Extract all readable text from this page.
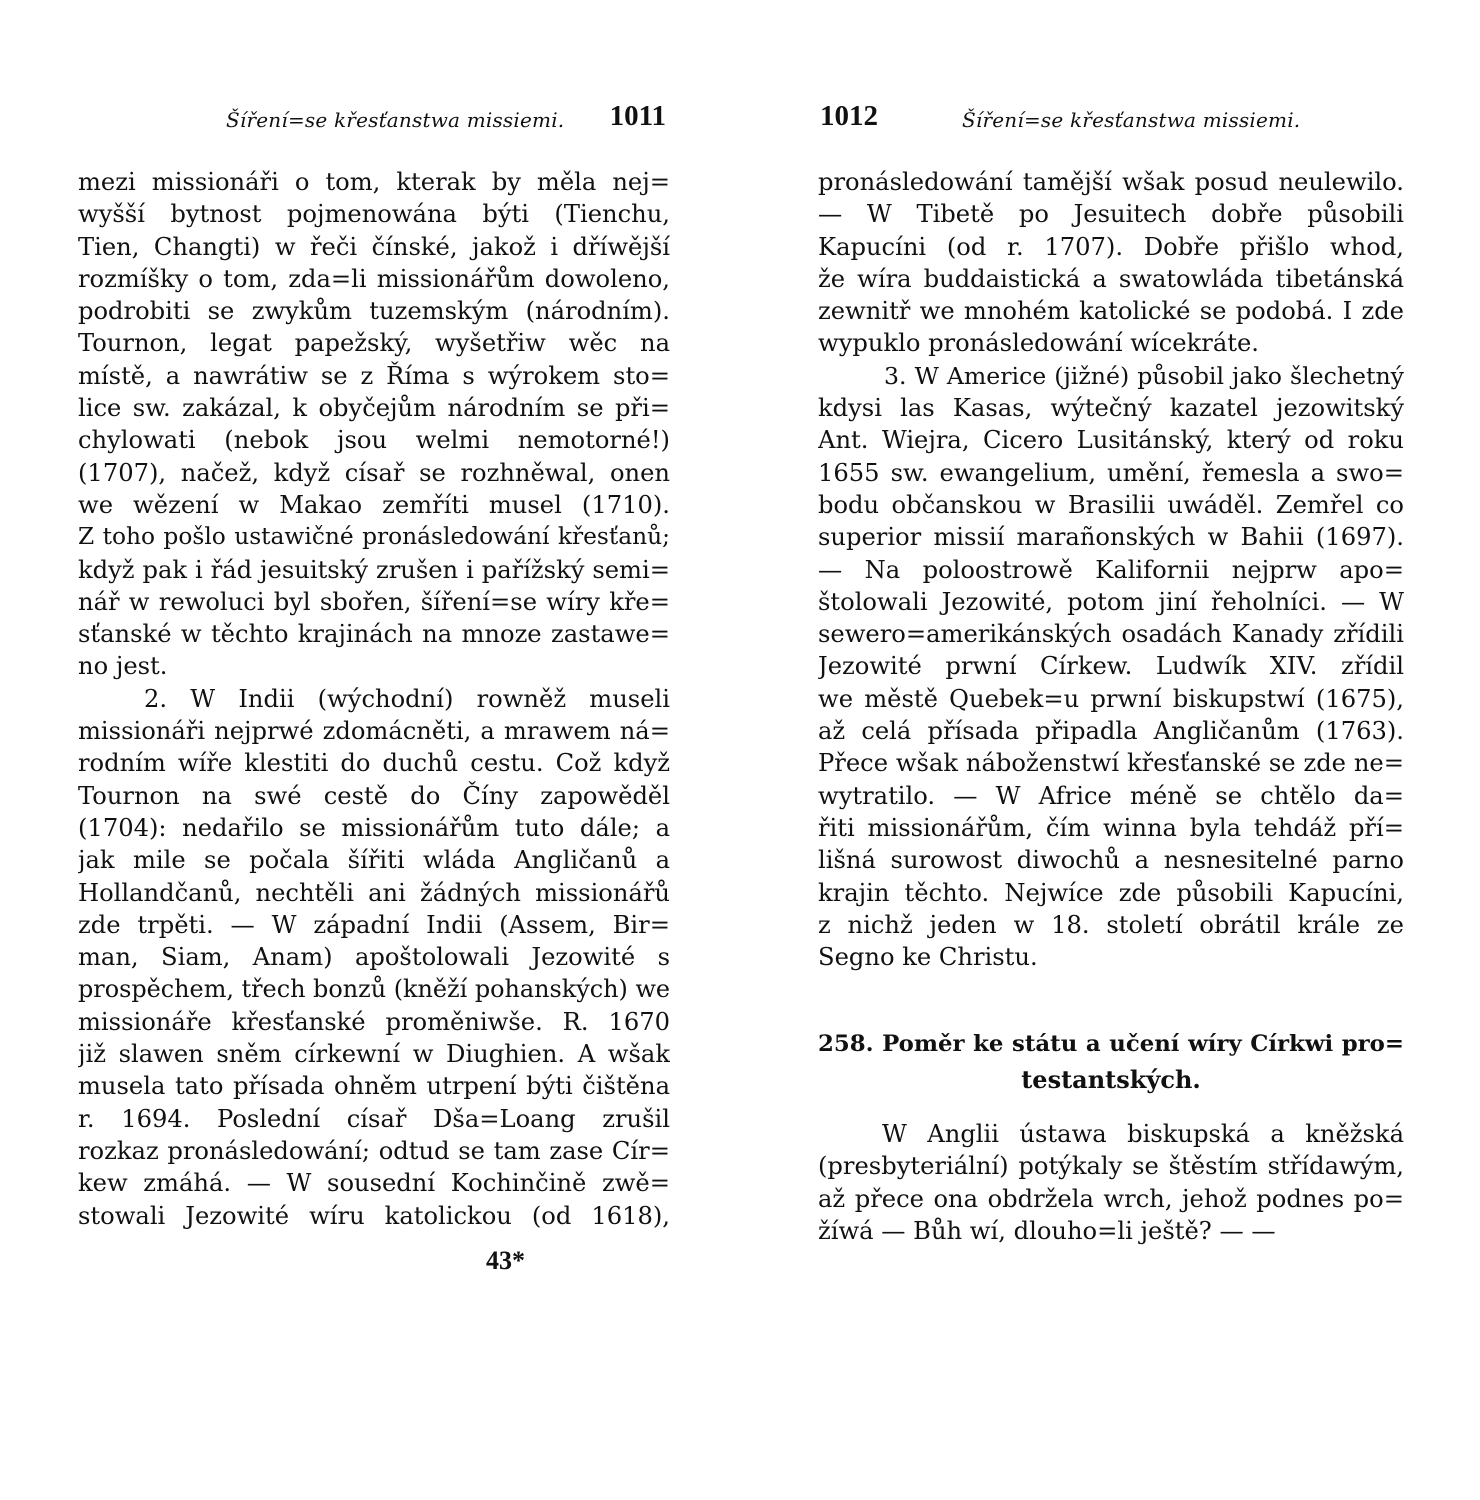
Šíření=se křesťanstwa missiemi. 1011
mezi missionáři o tom, kterak by měla nej=
wyšší bytnost pojmenowána býti (Tienchu,
Tien, Changti) w řeči čínské, jakož i dříwější
rozmíšky o tom, zda=li missionářům dowoleno,
podrobiti se zwykům tuzemským (národním).
Tournon, legat papežský, wyšetřiw wěc na
místě, a nawrátiw se z Říma s wýrokem sto=
lice sw. zakázal, k obyčejům národním se při=
chylowati (nebok jsou welmi nemotorné!)
(1707), načež, když císař se rozhněwal, onen
we wězení w Makao zemříti musel (1710).
Z toho pošlo ustawičné pronásledowání křesťanů;
když pak i řád jesuitský zrušen i pařížský semi=
nář w rewoluci byl sbořen, šíření=se wíry kře=
sťanské w těchto krajinách na mnoze zastawe=
no jest.
2. W Indii (wýchodní) rowněž museli
missionáři nejprwé zdomácněti, a mrawem ná=
rodním wíře klestiti do duchů cestu. Což když
Tournon na swé cestě do Číny zapowěděl
(1704): nedařilo se missionářům tuto dále; a
jak mile se počala šířiti wláda Angličanů a
Hollandčanů, nechtěli ani žádných missionářů
zde trpěti. — W západní Indii (Assem, Bir=
man, Siam, Anam) apoštolowali Jezowité s
prospěchem, třech bonzů (kněží pohanských) we
missionáře křesťanské proměniwše. R. 1670
již slawen sněm církewní w Diughien. A wšak
musela tato přísada ohněm utrpení býti čištěna
r. 1694. Poslední císař Dša=Loang zrušil
rozkaz pronásledowání; odtud se tam zase Cír=
kew zmáhá. — W sousední Kochinčině zwě=
stowali Jezowité wíru katolickou (od 1618),
43*
1012	Šíření=se křesťanstwa missiemi.
pronásledowání tamější wšak posud neulewilo.
— W Tibetě po Jesuitech dobře působili
Kapucíni (od r. 1707). Dobře přišlo whod,
že wíra buddaistická a swatowláda tibetánská
zewnitř we mnohém katolické se podobá. I zde
wypuklo pronásledowání wícekráte.
3. W Americe (jižné) působil jako šlechetný
kdysi las Kasas, wýtečný kazatel jezowitský
Ant. Wiejra, Cicero Lusitánský, který od roku
1655 sw. ewangelium, umění, řemesla a swo=
bodu občanskou w Brasilii uwáděl. Zemřel co
superior missií marañonských w Bahii (1697).
— Na poloostrowě Kalifornii nejprw apo=
štolowali Jezowité, potom jiní řeholníci. — W
sewero=amerikánských osadách Kanady zřídili
Jezowité prwní Církew. Ludwík XIV. zřídil
we městě Quebek=u prwní biskupstwí (1675),
až celá přísada připadla Angličanům (1763).
Přece wšak náboženstwí křesťanské se zde ne=
wytratilo. — W Africe méně se chtělo da=
řiti missionářům, čím winna byla tehdáž pří=
lišná surowost diwochů a nesnesitelné parno
krajin těchto. Nejwíce zde působili Kapucíni,
z nichž jeden w 18. století obrátil krále ze
Segno ke Christu.
258. Poměr ke státu a učení wíry Církwi pro=
testantských.
W Anglii ústawa biskupská a kněžská
(presbyteriální) potýkaly se štěstím střídawým,
až přece ona obdržela wrch, jehož podnes po=
žíwá — Bůh wí, dlouho=li ještě? — —
